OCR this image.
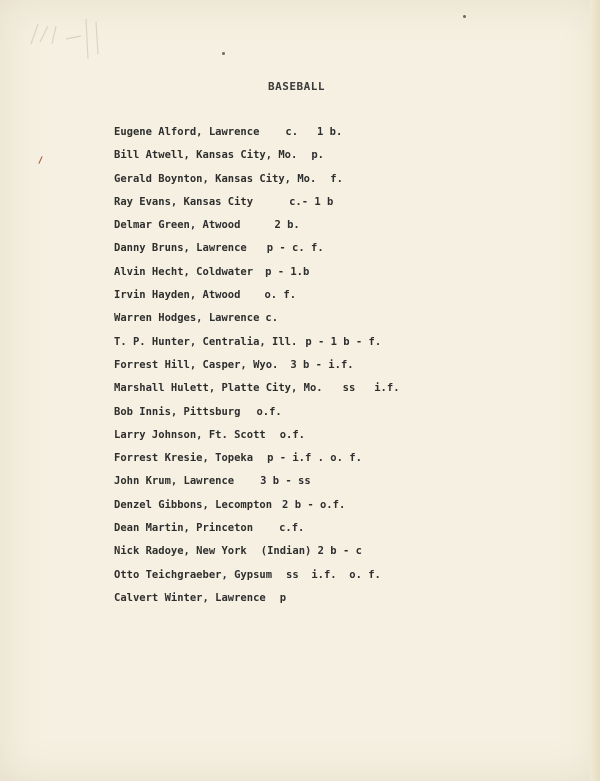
BASEBALL
Eugene Alford, Lawrence c.   1 b.
Bill Atwell, Kansas City, Mo. p.
Gerald Boynton, Kansas City, Mo. f.
Ray Evans, Kansas City	c.- 1 b
Delmar Green, Atwood	2 b.
Danny Bruns, Lawrence p - c. f.
Alvin Hecht, Coldwater p - 1.b
Irvin Hayden, Atwood o. f.
Warren Hodges, Lawrence c.
T. P. Hunter, Centralia, Ill. p - 1 b - f.
Forrest Hill, Casper, Wyo. 3 b - i.f.
Marshall Hulett, Platte City, Mo. ss   i.f.
Bob Innis, Pittsburg o.f.
Larry Johnson, Ft. Scott o.f.
Forrest Kresie, Topeka p - i.f . o. f.
John Krum, Lawrence 3 b - ss
Denzel Gibbons, Lecompton 2 b - o.f.
Dean Martin, Princeton c.f.
Nick Radoye, New York (Indian) 2 b - c
Otto Teichgraeber, Gypsum ss  i.f.  o. f.
Calvert Winter, Lawrence p
